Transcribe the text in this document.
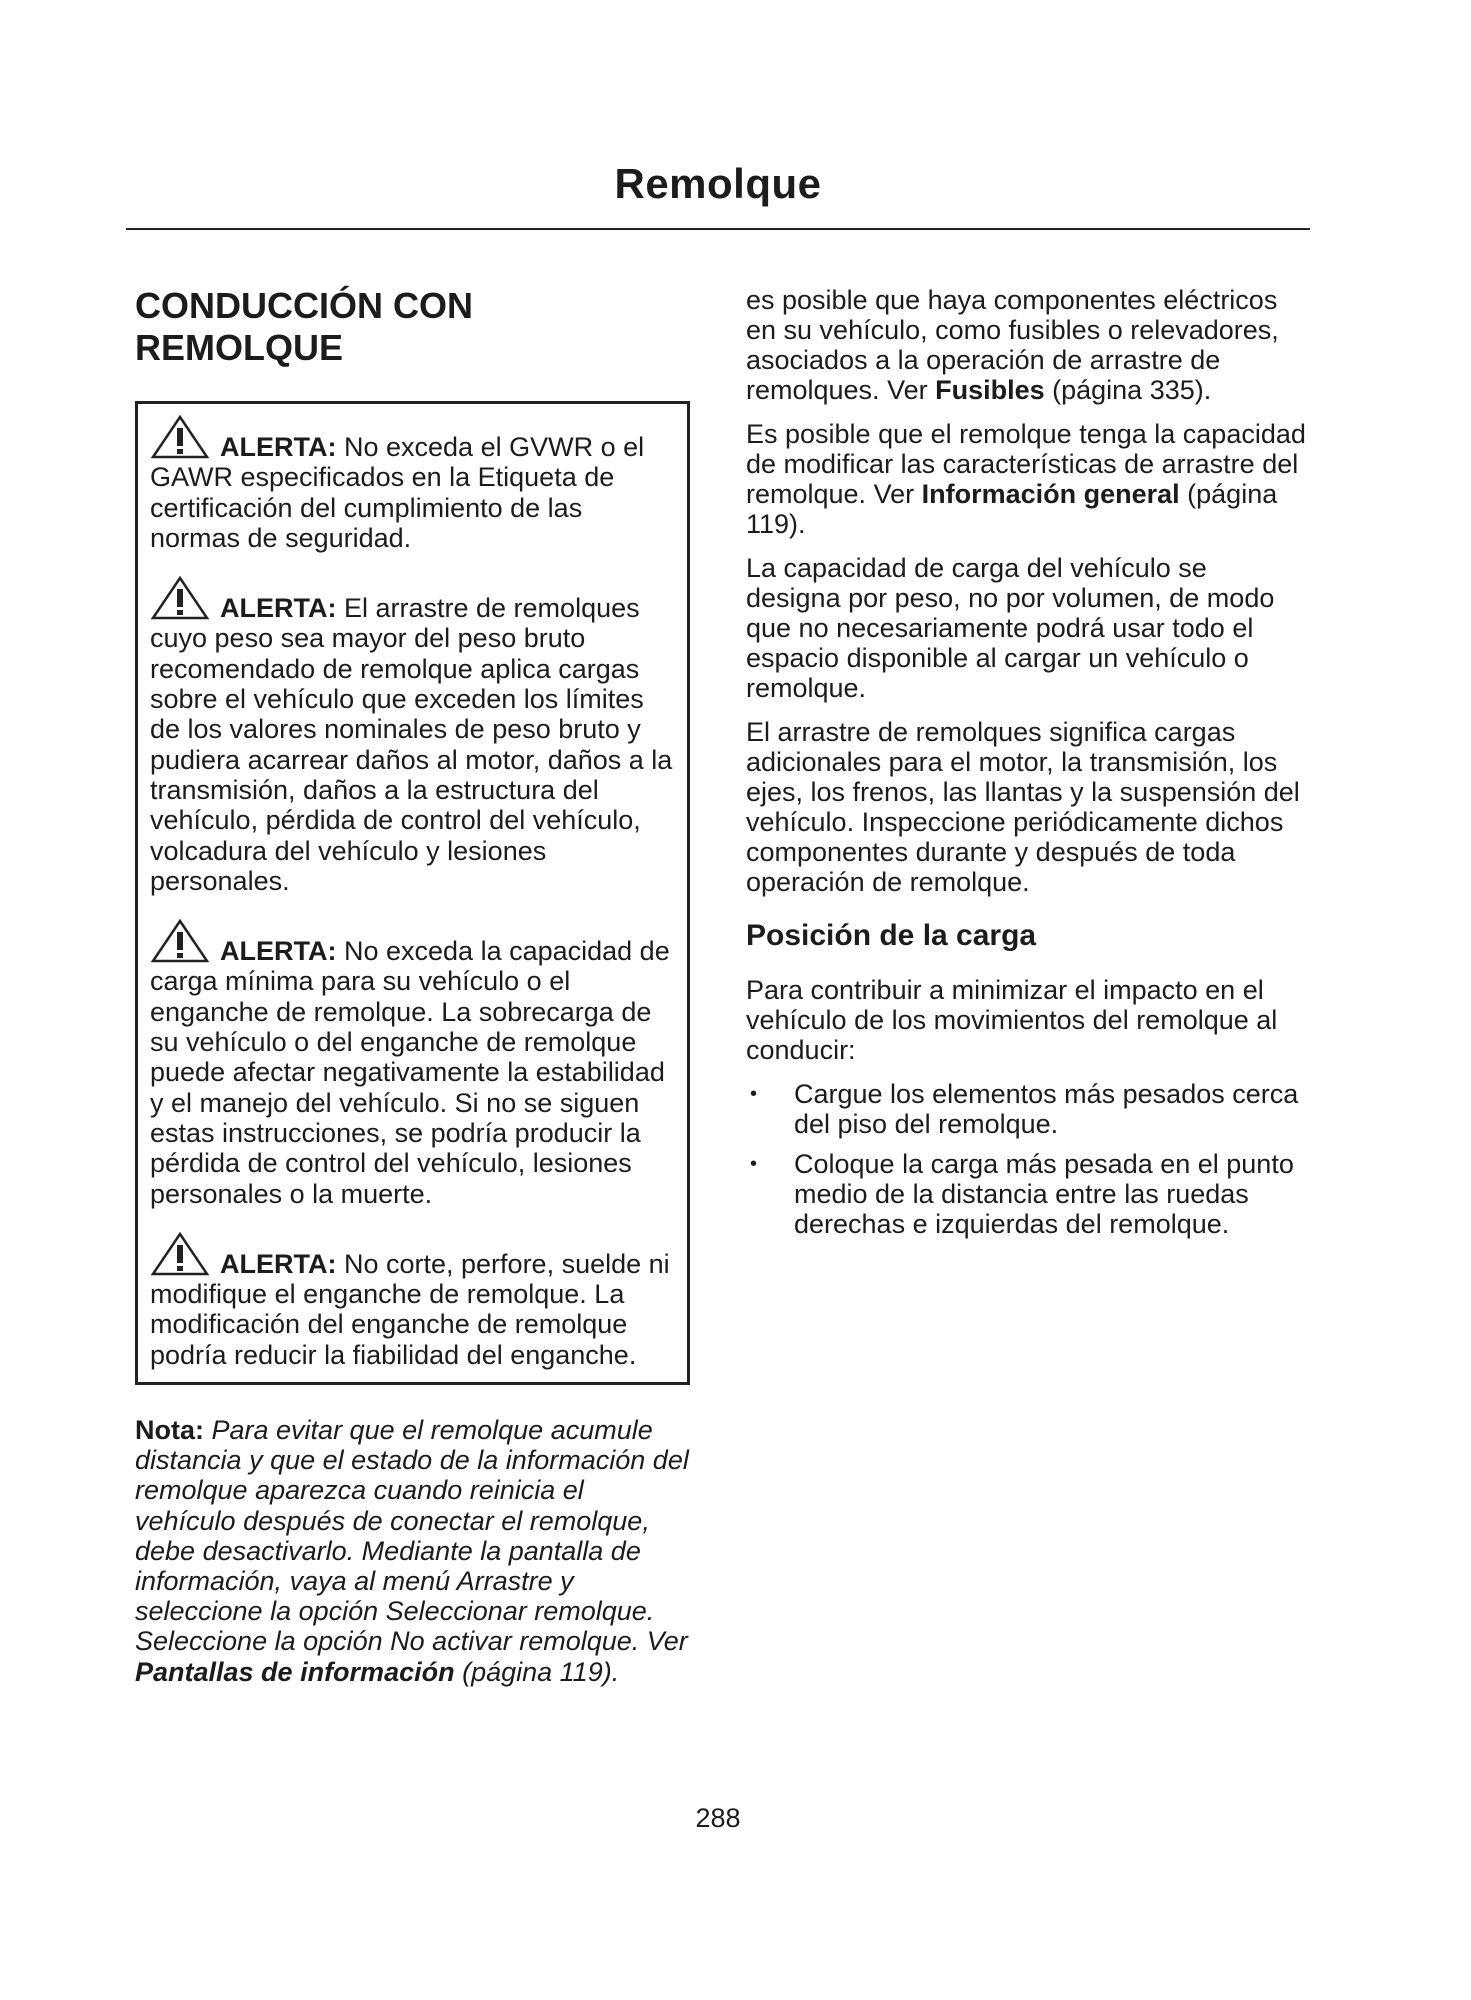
Remolque
CONDUCCIÓN CON
REMOLQUE

ALERTA: No exceda el GVWR o el GAWR especificados en la Etiqueta de certificación del cumplimiento de las normas de seguridad.

ALERTA: El arrastre de remolques cuyo peso sea mayor del peso bruto recomendado de remolque aplica cargas sobre el vehículo que exceden los límites de los valores nominales de peso bruto y pudiera acarrear daños al motor, daños a la transmisión, daños a la estructura del vehículo, pérdida de control del vehículo, volcadura del vehículo y lesiones personales.

ALERTA: No exceda la capacidad de carga mínima para su vehículo o el enganche de remolque. La sobrecarga de su vehículo o del enganche de remolque puede afectar negativamente la estabilidad y el manejo del vehículo. Si no se siguen estas instrucciones, se podría producir la pérdida de control del vehículo, lesiones personales o la muerte.

ALERTA: No corte, perfore, suelde ni modifique el enganche de remolque. La modificación del enganche de remolque podría reducir la fiabilidad del enganche.

Nota: Para evitar que el remolque acumule distancia y que el estado de la información del remolque aparezca cuando reinicia el vehículo después de conectar el remolque, debe desactivarlo. Mediante la pantalla de información, vaya al menú Arrastre y seleccione la opción Seleccionar remolque. Seleccione la opción No activar remolque. Ver Pantallas de información (página 119).

es posible que haya componentes eléctricos en su vehículo, como fusibles o relevadores, asociados a la operación de arrastre de remolques. Ver Fusibles (página 335).

Es posible que el remolque tenga la capacidad de modificar las características de arrastre del remolque. Ver Información general (página 119).

La capacidad de carga del vehículo se designa por peso, no por volumen, de modo que no necesariamente podrá usar todo el espacio disponible al cargar un vehículo o remolque.

El arrastre de remolques significa cargas adicionales para el motor, la transmisión, los ejes, los frenos, las llantas y la suspensión del vehículo. Inspeccione periódicamente dichos componentes durante y después de toda operación de remolque.

Posición de la carga

Para contribuir a minimizar el impacto en el vehículo de los movimientos del remolque al conducir:

• Cargue los elementos más pesados cerca del piso del remolque.
• Coloque la carga más pesada en el punto medio de la distancia entre las ruedas derechas e izquierdas del remolque.
288
